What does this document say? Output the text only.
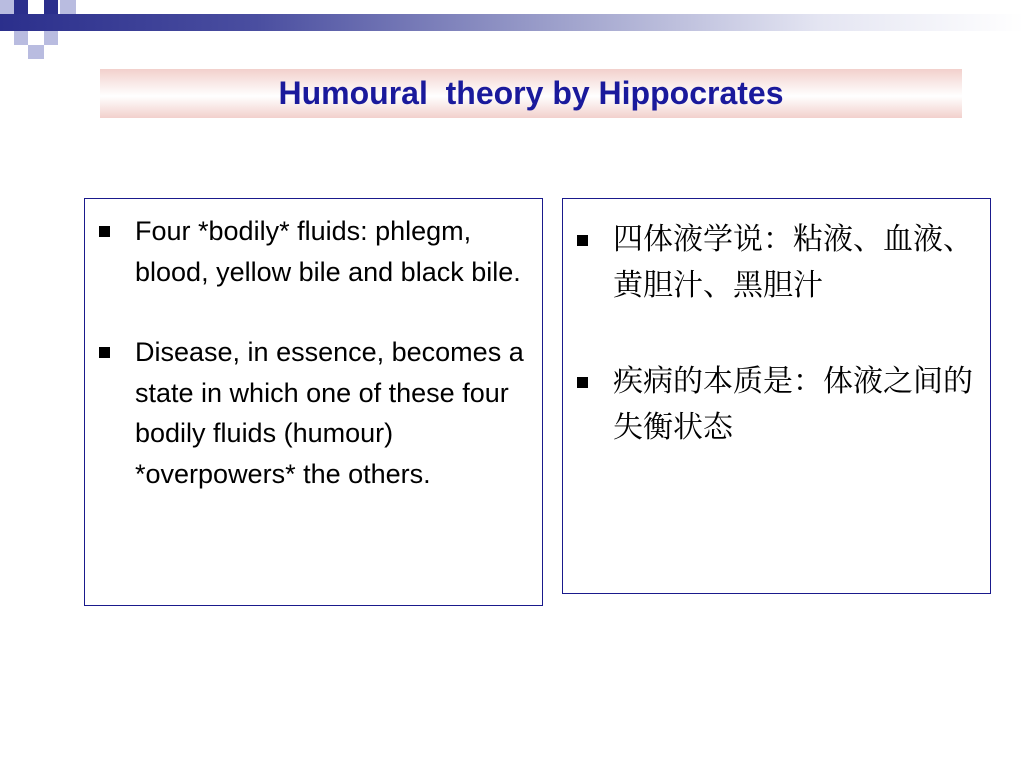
Humoural  theory by Hippocrates
Four *bodily* fluids: phlegm, blood, yellow bile and black bile.
Disease, in essence, becomes a state in which one of these four bodily fluids (humour) *overpowers* the others.
四体液学说：粘液、血液、黄胆汁、黑胆汁
疾病的本质是：体液之间的失衡状态
